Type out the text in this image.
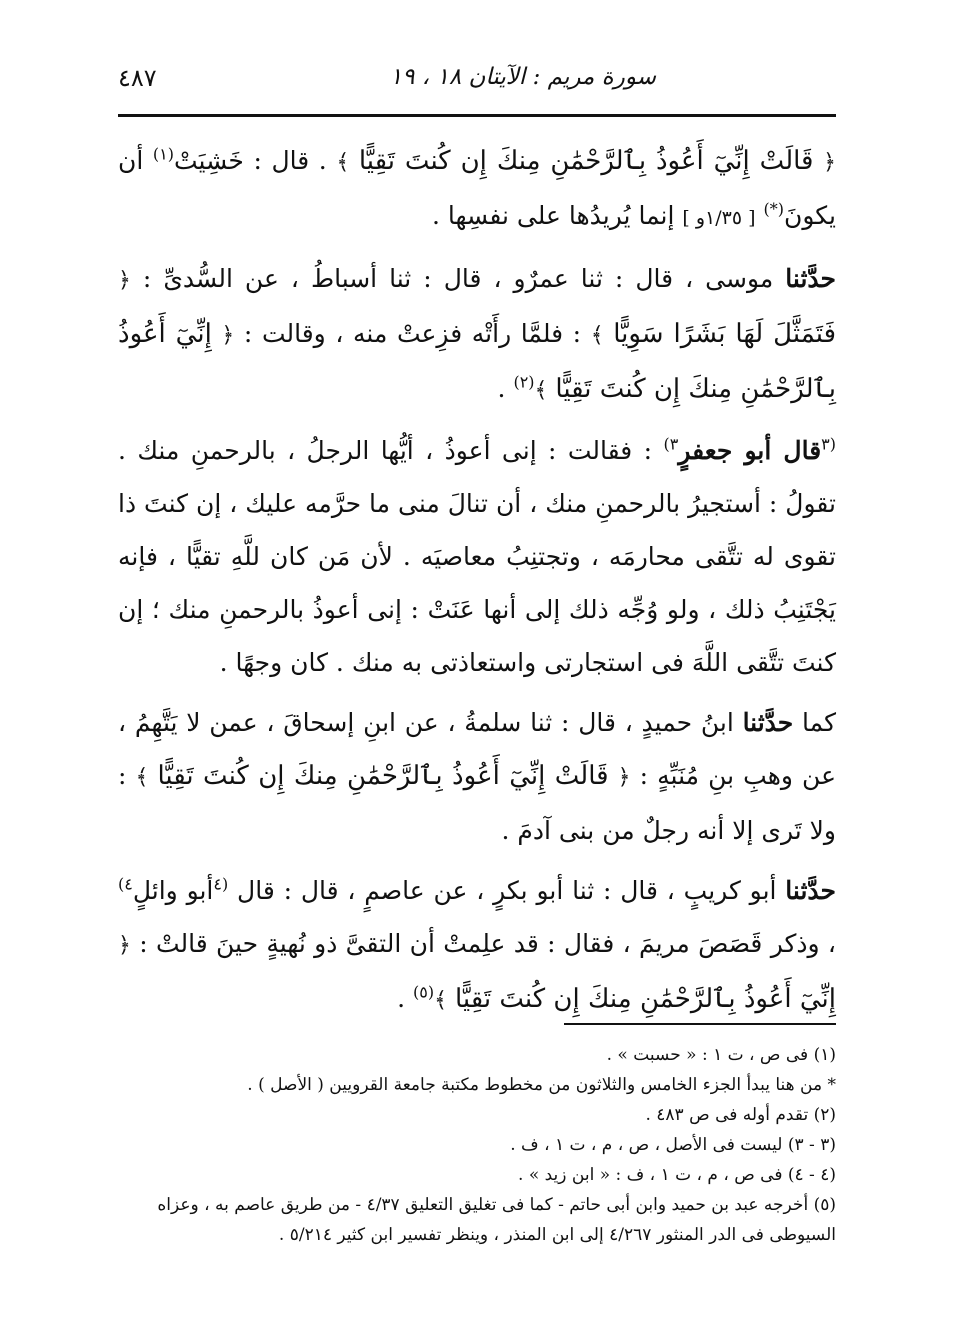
سورة مريم : الآيتان ١٨ ، ١٩
٤٨٧

﴿ قَالَتْ إِنِّيٓ أَعُوذُ بِٱلرَّحْمَٰنِ مِنكَ إِن كُنتَ تَقِيًّا ﴾ . قال : خَشِيَتْ$^{(١)}$ أن يكونَ(*) [ ١/٣٥و ] إنما يُريدُها على نفسِها .

حدَّثنا موسى ، قال : ثنا عمرٌو ، قال : ثنا أسباطُ ، عن السُّدىِّ : ﴿ فَتَمَثَّلَ لَهَا بَشَرًا سَوِيًّا ﴾ : فلمَّا رأَتْه فزِعتْ منه ، وقالت : ﴿ إِنِّيٓ أَعُوذُ بِٱلرَّحْمَٰنِ مِنكَ إِن كُنتَ تَقِيًّا ﴾$^{(٢)}$ .

$^{(٣}$قال أبو جعفرٍ$^{٣)}$ : فقالت : إنى أعوذُ ، أيُّها الرجلُ ، بالرحمنِ منك . تقولُ : أستجيرُ بالرحمنِ منك ، أن تنالَ منى ما حرَّمه عليك ، إن كنتَ ذا تقوى له تتَّقى محارمَه ، وتجتنِبُ معاصيَه . لأن مَن كان للَّهِ تقيًّا ، فإنه يَجْتَنِبُ ذلك ، ولو وُجِّه ذلك إلى أنها عَنَتْ : إنى أعوذُ بالرحمنِ منك ؛ إن كنتَ تتَّقى اللَّهَ فى استجارتى واستعاذتى به منك . كان وجهًا .

كما حدَّثنا ابنُ حميدٍ ، قال : ثنا سلمةُ ، عن ابنِ إسحاقَ ، عمن لا يَتَّهِمُ ، عن وهبِ بنِ مُنَبِّهٍ : ﴿ قَالَتْ إِنِّيٓ أَعُوذُ بِٱلرَّحْمَٰنِ مِنكَ إِن كُنتَ تَقِيًّا ﴾ : ولا تَرى إلا أنه رجلٌ من بنى آدمَ .

حدَّثنا أبو كريبٍ ، قال : ثنا أبو بكرٍ ، عن عاصمٍ ، قال : قال $^{(٤}$أبو وائلٍ$^{٤)}$ ، وذكر قَصَصَ مريمَ ، فقال : قد علِمتْ أن التقىَّ ذو نُهيةٍ حينَ قالتْ : ﴿ إِنِّيٓ أَعُوذُ بِٱلرَّحْمَٰنِ مِنكَ إِن كُنتَ تَقِيًّا ﴾$^{(٥)}$ .

(١) فى ص ، ت ١ : « حسبت » .

* من هنا يبدأ الجزء الخامس والثلاثون من مخطوط مكتبة جامعة القرويين ( الأصل ) .

(٢) تقدم أوله فى ص ٤٨٣ .

(٣ - ٣) ليست فى الأصل ، ص ، م ، ت ١ ، ف .

(٤ - ٤) فى ص ، م ، ت ١ ، ف : « ابن زيد » .

(٥) أخرجه عبد بن حميد وابن أبى حاتم - كما فى تغليق التعليق ٤/٣٧ - من طريق عاصم به ، وعزاه السيوطى فى الدر المنثور ٤/٢٦٧ إلى ابن المنذر ، وينظر تفسير ابن كثير ٥/٢١٤ .
